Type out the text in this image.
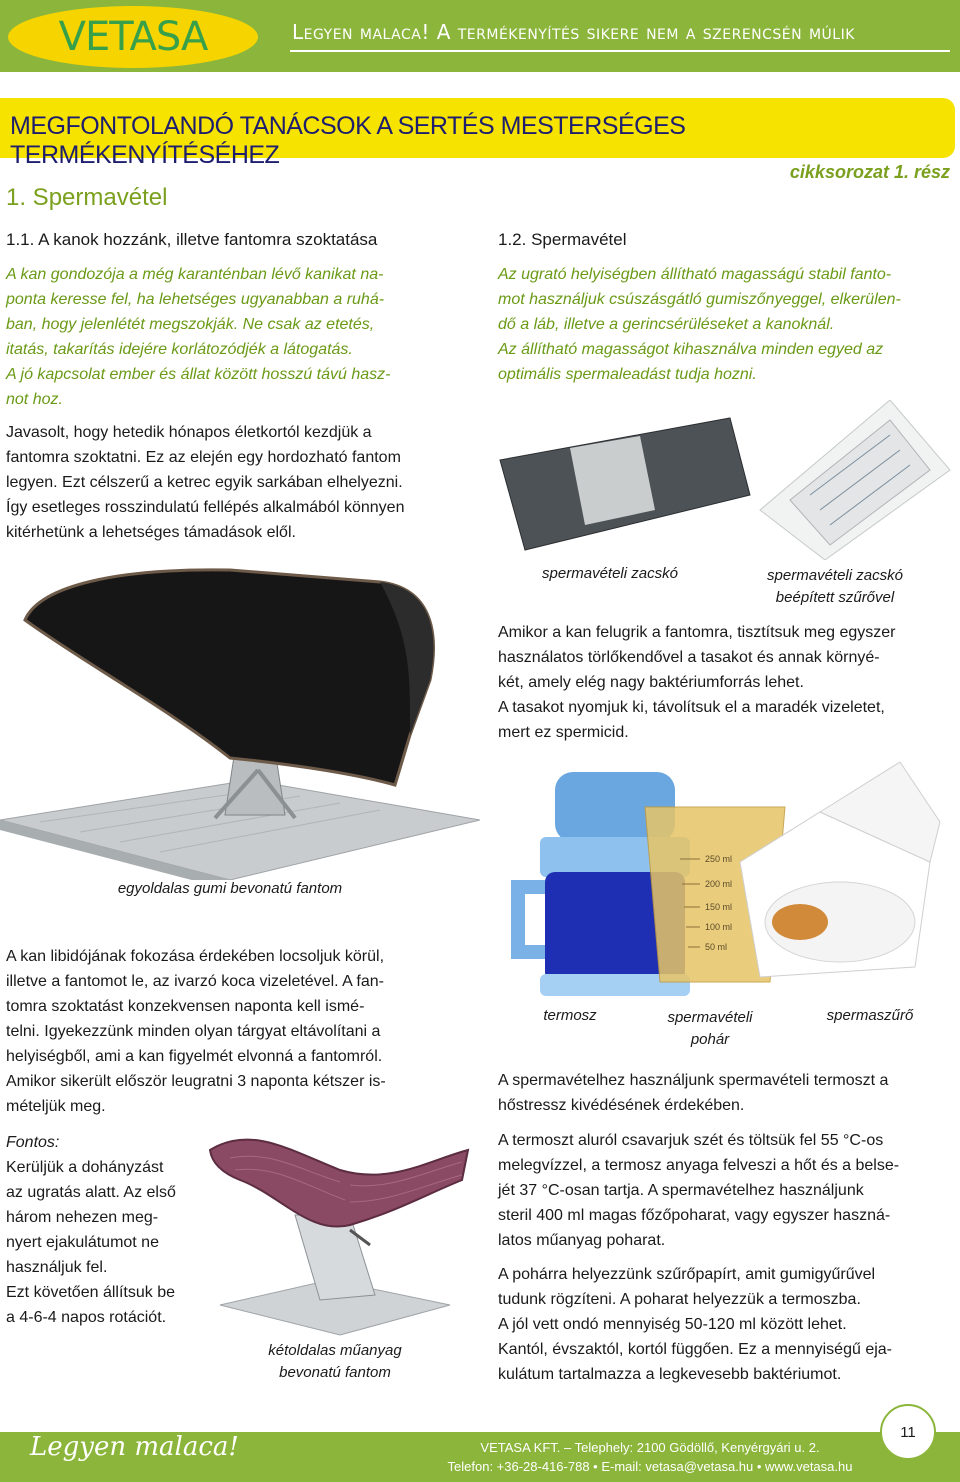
VETASA	Legyen malaca! A termékenyítés sikere nem a szerencsén múlik
MEGFONTOLANDÓ TANÁCSOK A SERTÉS MESTERSÉGES TERMÉKENYÍTÉSÉHEZ
cikksorozat 1. rész
1. Spermavétel
1.1. A kanok hozzánk, illetve fantomra szoktatása
A kan gondozója a még karanténban lévő kanikat na-
ponta keresse fel, ha lehetséges ugyanabban a ruhá-
ban, hogy jelenlétét megszokják. Ne csak az etetés,
itatás, takarítás idejére korlátozódjék a látogatás.
A jó kapcsolat ember és állat között hosszú távú hasz-
not hoz.
Javasolt, hogy hetedik hónapos életkortól kezdjük a
fantomra szoktatni. Ez az elején egy hordozható fantom
legyen. Ezt célszerű a ketrec egyik sarkában elhelyezni.
Így esetleges rosszindulatú fellépés alkalmából könnyen
kitérhetünk a lehetséges támadások elől.
egyoldalas gumi bevonatú fantom
A kan libidójának fokozása érdekében locsoljuk körül,
illetve a fantomot le, az ivarzó koca vizeletével. A fan-
tomra szoktatást konzekvensen naponta kell ismé-
telni. Igyekezzünk minden olyan tárgyat eltávolítani a
helyiségből, ami a kan figyelmét elvonná a fantomról.
Amikor sikerült először leugratni 3 naponta kétszer is-
mételjük meg.
Fontos:
Kerüljük a dohányzást
az ugratás alatt. Az első
három nehezen meg-
nyert ejakulátumot ne
használjuk fel.
Ezt követően állítsuk be
a 4-6-4 napos rotációt.
kétoldalas műanyag
bevonatú fantom
1.2. Spermavétel
Az ugrató helyiségben állítható magasságú stabil fanto-
mot használjuk csúszásgátló gumiszőnyeggel, elkerülen-
dő a láb, illetve a gerincsérüléseket a kanoknál.
Az állítható magasságot kihasználva minden egyed az
optimális spermaleadást tudja hozni.
spermavételi zacskó	spermavételi zacskó
beépített szűrővel
Amikor a kan felugrik a fantomra, tisztítsuk meg egyszer
használatos törlőkendővel a tasakot és annak környé-
két, amely elég nagy baktériumforrás lehet.
A tasakot nyomjuk ki, távolítsuk el a maradék vizeletet,
mert ez spermicid.
250 ml
200 ml
150 ml
100 ml
50 ml
termosz	spermavételi
pohár
spermaszűrő
A spermavételhez használjunk spermavételi termoszt a
hőstressz kivédésének érdekében.
A termoszt aluról csavarjuk szét és töltsük fel 55 °C-os
melegvízzel, a termosz anyaga felveszi a hőt és a belse-
jét 37 °C-osan tartja. A spermavételhez használjunk
steril 400 ml magas főzőpoharat, vagy egyszer haszná-
latos műanyag poharat.
A pohárra helyezzünk szűrőpapírt, amit gumigyűrűvel
tudunk rögzíteni. A poharat helyezzük a termoszba.
A jól vett ondó mennyiség 50-120 ml között lehet.
Kantól, évszaktól, kortól függően. Ez a mennyiségű eja-
kulátum tartalmazza a legkevesebb baktériumot.
Legyen malaca!	VETASA KFT. – Telephely: 2100 Gödöllő, Kenyérgyári u. 2.
Telefon: +36-28-416-788 • E-mail: vetasa@vetasa.hu • www.vetasa.hu
11
